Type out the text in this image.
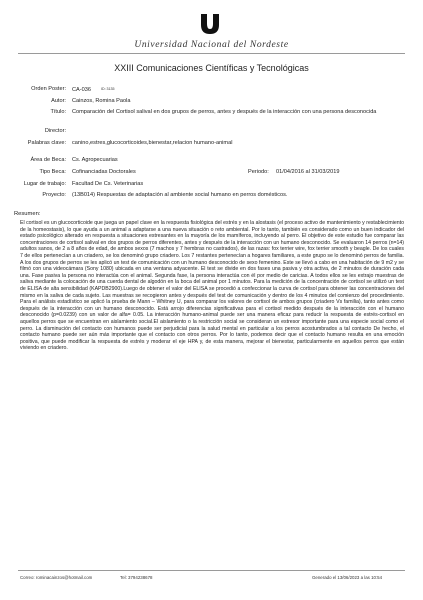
Universidad Nacional del Nordeste
XXIII Comunicaciones Científicas y Tecnológicas
Orden Poster: CA-036	ID: 3135
Autor: Cainzos, Romina Paola
Título: Comparación del Cortisol salival en dos grupos de perros, antes y después de la interacción con una persona desconocida
Director:
Palabras clave: canino,estres,glucocorticoides,bienestar,relacion humano-animal
Área de Beca: Cs. Agropecuarias
Tipo Beca: Cofinanciadas Doctorales	Periodo: 01/04/2016 al 31/03/2019
Lugar de trabajo: Facultad De Cs. Veterinarias
Proyecto: (13B014) Respuestas de adaptación al ambiente social humano en perros domésticos.
Resumen:

El cortisol es un glucocorticoide que juega un papel clave en la respuesta fisiológica del estrés y en la alostasis (el proceso activo de mantenimiento y restablecimiento de la homeostasis), lo que ayuda a un animal a adaptarse a una nueva situación o reto ambiental. Por lo tanto, también es considerado como un buen indicador del estado psicológico alterado en respuesta a situaciones estresantes en la mayoría de los mamíferos, incluyendo al perro. El objetivo de este estudio fue comparar las concentraciones de cortisol salival en dos grupos de perros diferentes, antes y después de la interacción con un humano desconocido. Se evaluaron 14 perros (n=14) adultos sanos, de 2 a 8 años de edad, de ambos sexos (7 machos y 7 hembras no castrados), de las razas: fox terrier wire, fox terrier smooth y beagle. De los cuales 7 de ellos pertenecían a un criadero, se los denominó grupo criadero. Los 7 restantes pertenecían a hogares familiares, a este grupo se lo denominó perros de familia. A los dos grupos de perros se les aplicó un test de comunicación con un humano desconocido de sexo femenino. Este se llevó a cabo en una habitación de 9 m2 y se filmó con una videocámara (Sony 1080) ubicada en una ventana adyacente. El test se divide en dos fases una pasiva y otra activa, de 2 minutos de duración cada una. Fase pasiva la persona no interactúa con el animal. Segunda fase, la persona interactúa con él por medio de caricias. A todos ellos se les extrajo muestras de saliva mediante la colocación de una cuerda dental de algodón en la boca del animal por 1 minutos. Para la medición de la concentración de cortisol se utilizó un test de ELISA de alta sensibilidad (KAPDB2900).Luego de obtener el valor del ELISA se procedió a confeccionar la curva de cortisol para obtener las concentraciones del mismo en la saliva de cada sujeto. Las muestras se recogieron antes y después del test de comunicación y dentro de los 4 minutos del comienzo del procedimiento. Para el análisis estadístico se aplicó la prueba de Mann – Whitney U, para comparar los valores de cortisol de ambos grupos (criadero Vs familia), tanto antes como después de la interacción con un humano desconocido. Está arrojo diferencias significativas para el cortisol medido después de la interacción con el humano desconocido (p=0.0239) con un valor de alfa= 0.05. La interacción humano-animal puede ser una manera eficaz para reducir la respuesta de estrés-cortisol en aquellos perros que se encuentran en aislamiento social.El aislamiento o la restricción social se consideran un estresor importante para una especie social como el perro. La disminución del contacto con humanos puede ser perjudicial para la salud mental en particular a los perros acostumbrados a tal contacto De hecho, el contacto humano puede ser aún más importante que el contacto con otros perros. Por lo tanto, podemos decir que el contacto humano resulta en una emoción positiva, que puede modificar la respuesta de estrés y moderar el eje HPA y, de esta manera, mejorar el bienestar, particularmente en aquellos perros que están viviendo en criadero.

Correo: rominacainzos@hotmail.com	Tel: 3794238678	Generado el 13/06/2023 a las 10:54
